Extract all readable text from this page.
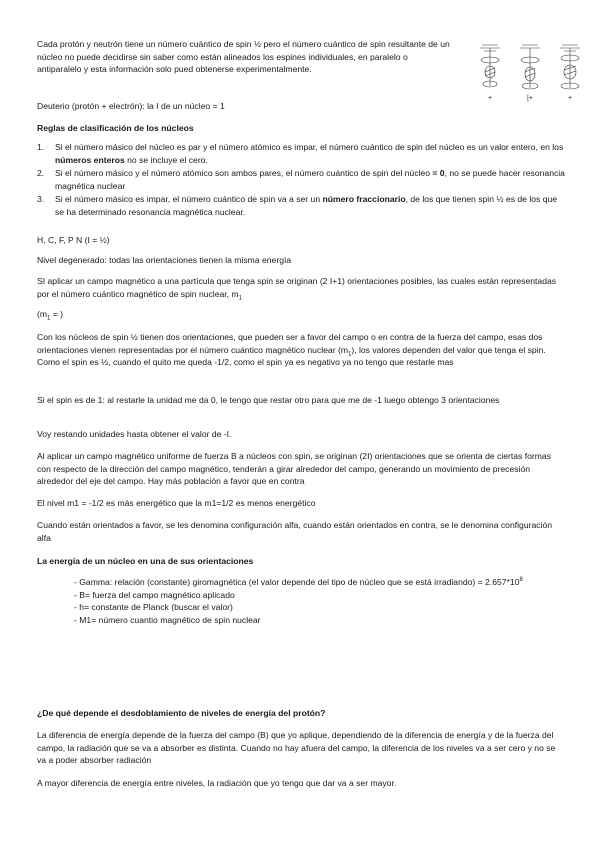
Cada protón y neutrón tiene un número cuántico de spin ½ pero el número cuántico de spin resultante de un núcleo no puede decidirse sin saber como están alineados los espines individuales, en paralelo o antiparalelo y esta información solo pued obtenerse experimentalmente.

+	|+	+

Deuterio (protón + electrón): la I de un núcleo = 1

Reglas de clasificación de los núcleos

1. Si el número másico del núcleo es par y el número atómico es impar, el número cuántico de spin del núcleo es un valor entero, en los números enteros no se incluye el cero.
2. Si el número másico y el número atómico son ambos pares, el número cuántico de spin del núcleo = 0, no se puede hacer resonancia magnética nuclear
3. Si el número másico es impar, el número cuántico de spin va a ser un número fraccionario, de los que tienen spin ½ es de los que se ha determinado resonancia magnética nuclear.

H, C, F, P N (I = ½)

Nivel degenerado: todas las orientaciones tienen la misma energía

SI aplicar un campo magnético a una partícula que tenga spin se originan (2 I+1) orientaciones posibles, las cuales están representadas por el número cuántico magnético de spin nuclear, $m_1$

($m_1$ = )

Con los núcleos de spin ½ tienen dos orientaciones, que pueden ser a favor del campo o en contra de la fuerza del campo, esas dos orientaciones vienen representadas por el número cuántico magnético nuclear $(m_1)$, los valores dependen del valor que tenga el spin. Como el spin es ½, cuando el quito me queda -1/2, como el spin ya es negativo ya no tengo que restarle mas

Si el spin es de 1: al restarle la unidad me da 0, le tengo que restar otro para que me de -1 luego obtengo 3 orientaciones

Voy restando unidades hasta obtener el valor de -I.

Al aplicar un campo magnético uniforme de fuerza B a núcleos con spin, se originan (2I) orientaciones que se orienta de ciertas formas con respecto de la dirección del campo magnético, tenderán a girar alrededor del campo, generando un movimiento de precesión alrededor del eje del campo. Hay más población a favor que en contra

El nivel m1 = -1/2 es más energético que la m1=1/2 es menos energético

Cuando están orientados a favor, se les denomina configuración alfa, cuando están orientados en contra, se le denomina configuración alfa

La energía de un núcleo en una de sus orientaciones

- Gamma: relación (constante) giromagnética (el valor depende del tipo de núcleo que se está irradiando) = $2.657*10^8$
- B= fuerza del campo magnético aplicado
- h= constante de Planck (buscar el valor)
- M1= número cuantio magnético de spin nuclear

¿De qué depende el desdoblamiento de niveles de energía del protón?

La diferencia de energía depende de la fuerza del campo (B) que yo aplique, dependiendo de la diferencia de energía y de la fuerza del campo, la radiación que se va a absorber es distinta. Cuando no hay afuera del campo, la diferencia de los niveles va a ser cero y no se va a poder absorber radiación

A mayor diferencia de energía entre niveles, la radiación que yo tengo que dar va a ser mayor.
